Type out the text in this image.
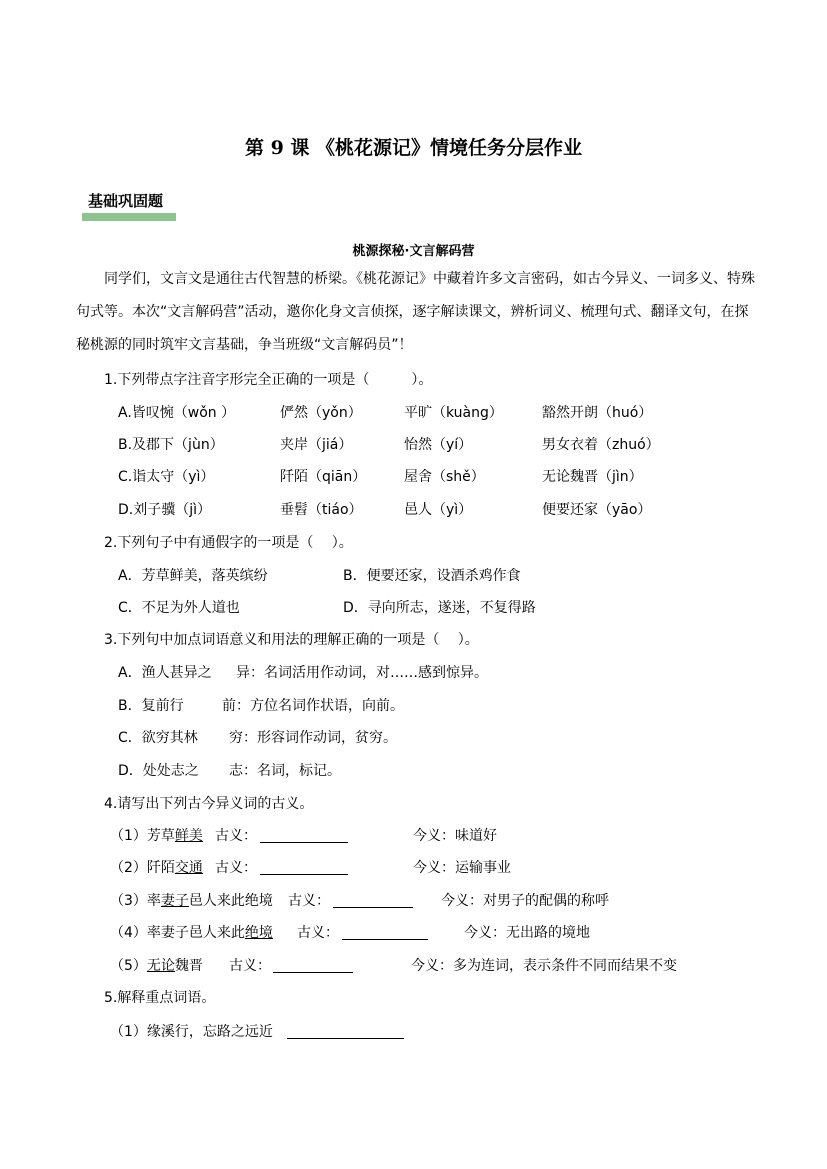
第 9 课 《桃花源记》情境任务分层作业
基础巩固题
桃源探秘·文言解码营

同学们，文言文是通往古代智慧的桥梁。《桃花源记》中藏着许多文言密码，如古今异义、一词多义、特殊句式等。本次“文言解码营”活动，邀你化身文言侦探，逐字解读课文，辨析词义、梳理句式、翻译文句，在探秘桃源的同时筑牢文言基础，争当班级“文言解码员”！

1.下列带点字注音字形完全正确的一项是（　　　）。
A.皆叹惋（wǒn ）	俨然（yǒn）	平旷（kuàng）	豁然开朗（huó）
B.及郡下（jùn）	夹岸（jiá）	怡然（yí）	男女衣着（zhuó）
C.诣太守（yì）	阡陌（qiān）	屋舍（shě）	无论魏晋（jìn）
D.刘子骥（jì）	垂髫（tiáo）	邑人（yì）	便要还家（yāo）
2.下列句子中有通假字的一项是（　 ）。
A．芳草鲜美，落英缤纷	B．便要还家，设酒杀鸡作食
C．不足为外人道也	D．寻向所志，遂迷，不复得路
3.下列句中加点词语意义和用法的理解正确的一项是（　 ）。
A．渔人甚异之 异：名词活用作动词，对……感到惊异。
B．复前行	前：方位名词作状语，向前。
C．欲穷其林 穷：形容词作动词，贫穷。
D．处处志之 志：名词，标记。
4.请写出下列古今异义词的古义。
（1）芳草鲜美 古义：	今义：味道好
（2）阡陌交通 古义：	今义：运输事业
（3）率妻子邑人来此绝境 古义：	今义：对男子的配偶的称呼
（4）率妻子邑人来此绝境 古义：	今义：无出路的境地
（5）无论魏晋 古义：	今义：多为连词，表示条件不同而结果不变
5.解释重点词语。
（1）缘溪行，忘路之远近
